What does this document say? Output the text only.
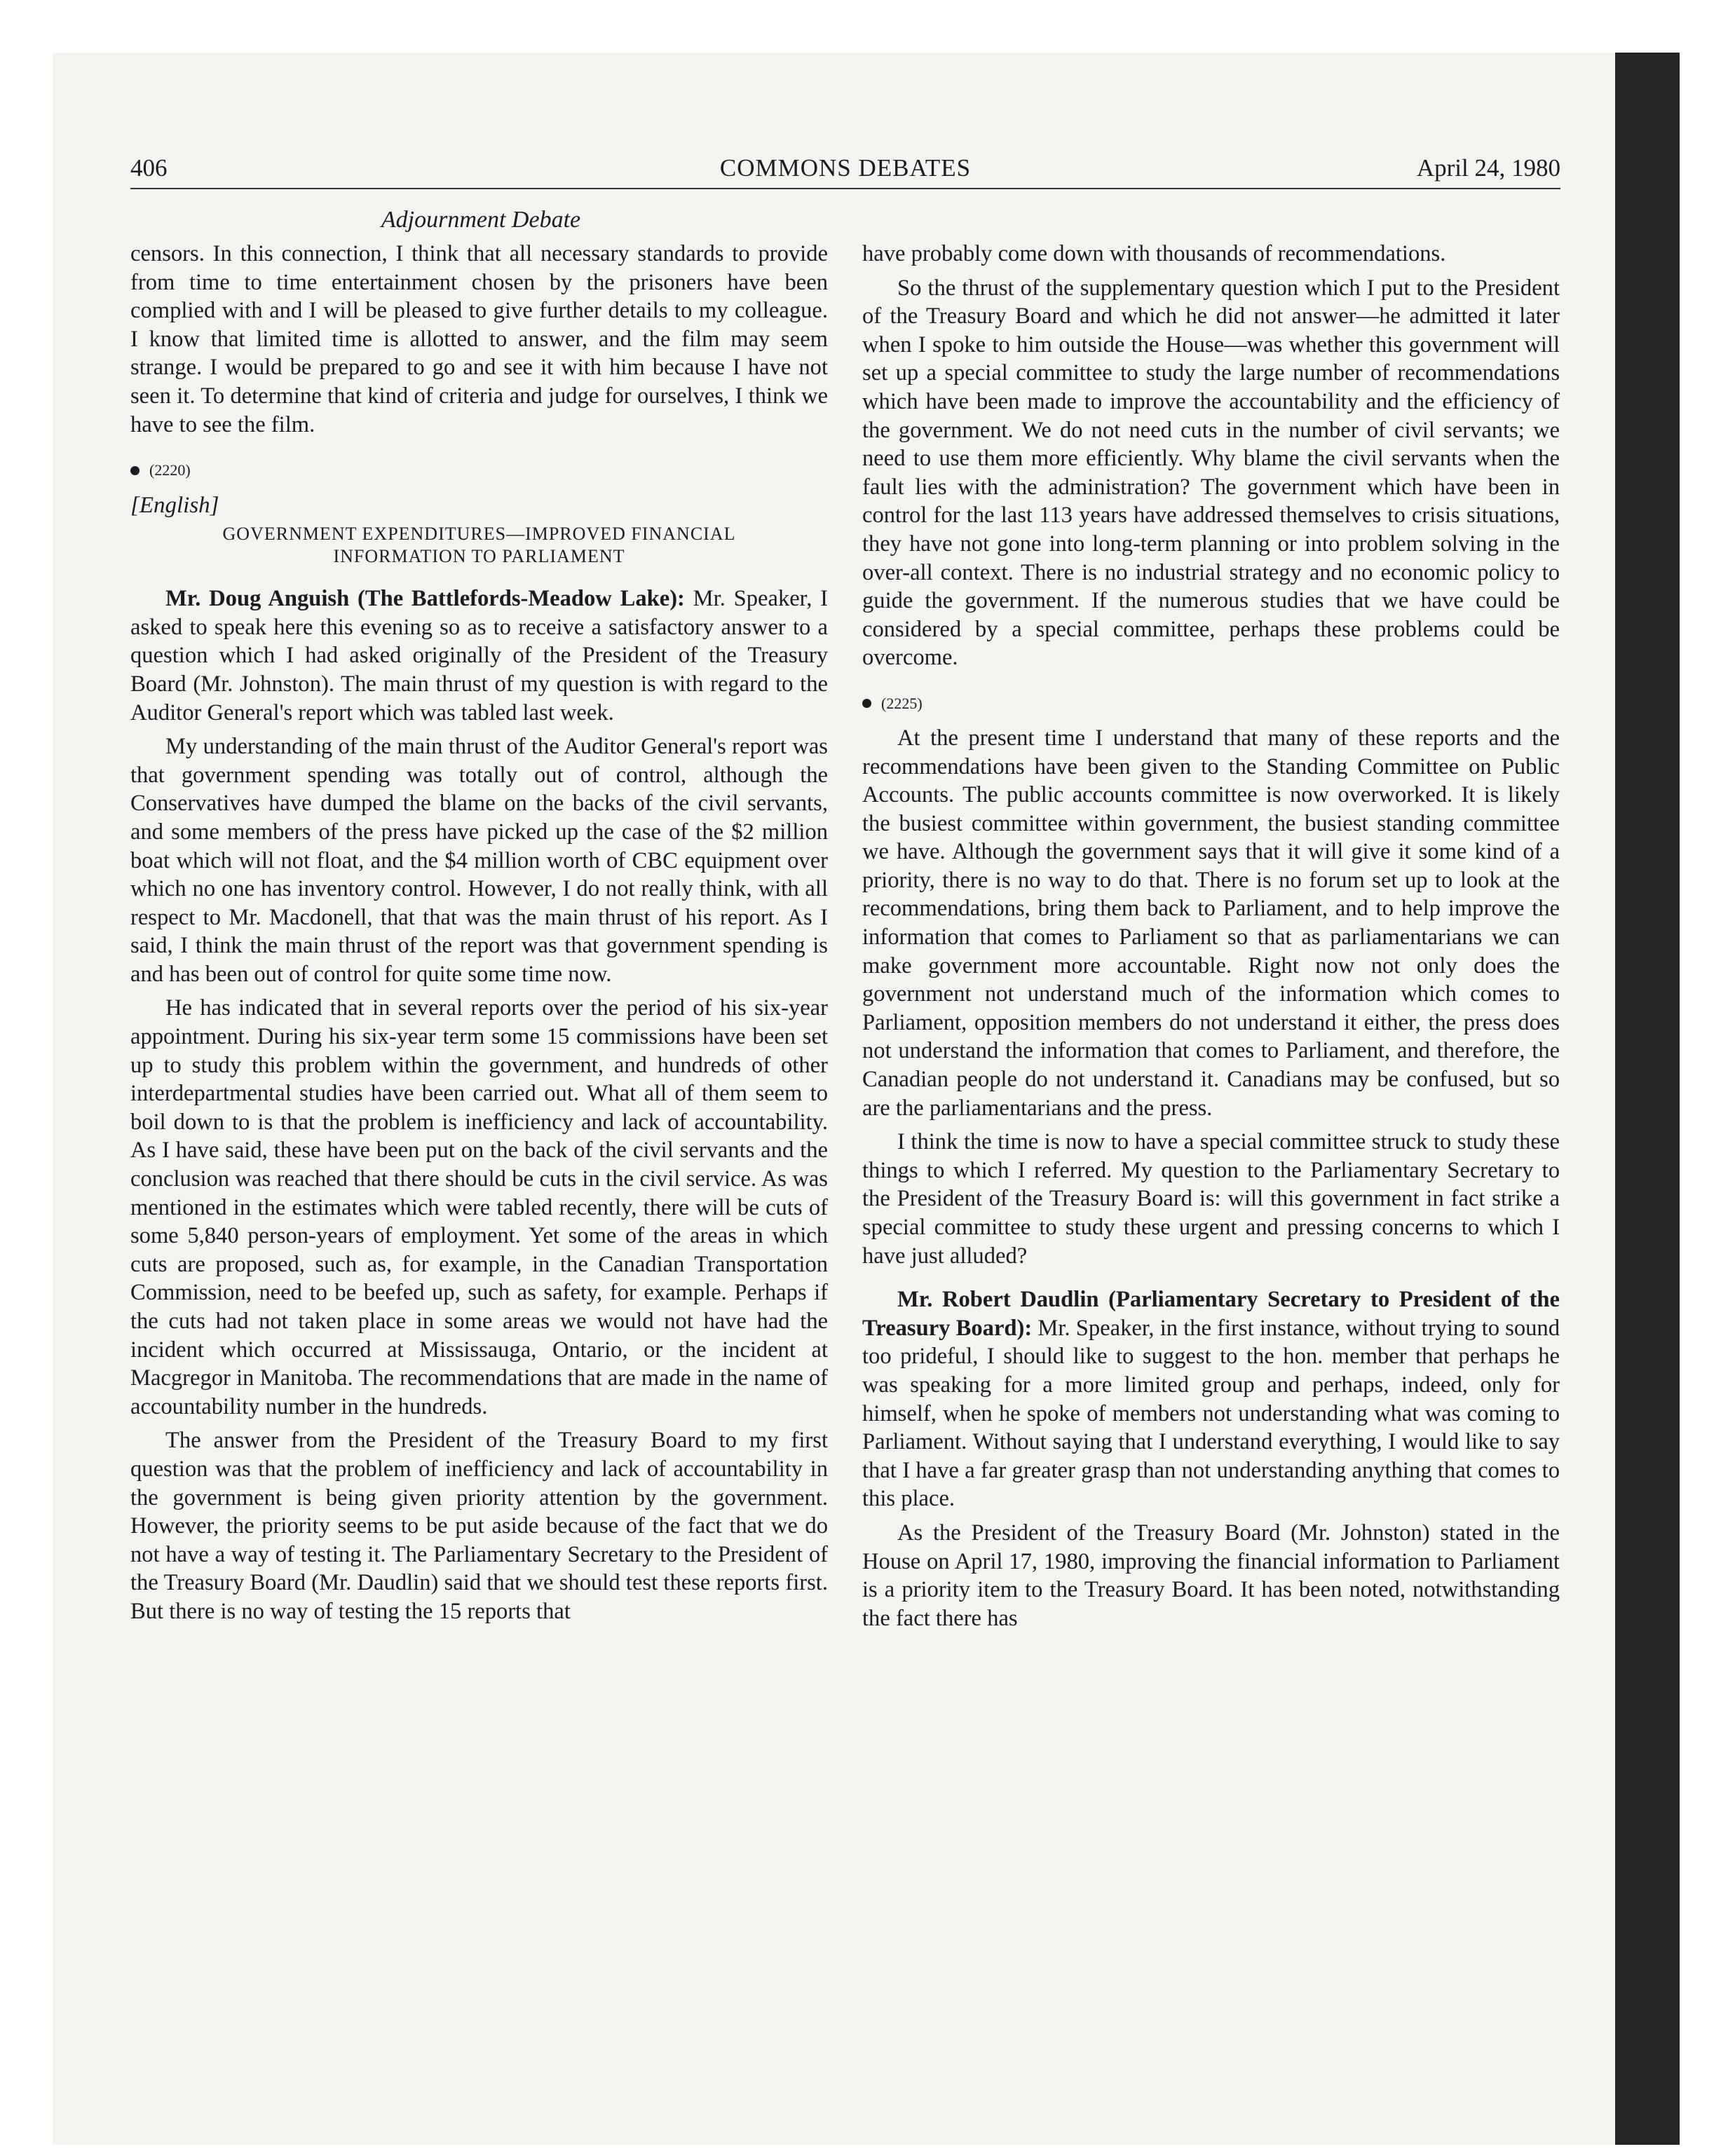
406	COMMONS DEBATES	April 24, 1980
Adjournment Debate

censors. In this connection, I think that all necessary standards to provide from time to time entertainment chosen by the prisoners have been complied with and I will be pleased to give further details to my colleague. I know that limited time is allotted to answer, and the film may seem strange. I would be prepared to go and see it with him because I have not seen it. To determine that kind of criteria and judge for ourselves, I think we have to see the film.

(2220)
[English]
GOVERNMENT EXPENDITURES—IMPROVED FINANCIAL
INFORMATION TO PARLIAMENT

Mr. Doug Anguish (The Battlefords-Meadow Lake): Mr. Speaker, I asked to speak here this evening so as to receive a satisfactory answer to a question which I had asked originally of the President of the Treasury Board (Mr. Johnston). The main thrust of my question is with regard to the Auditor General's report which was tabled last week.

My understanding of the main thrust of the Auditor General's report was that government spending was totally out of control, although the Conservatives have dumped the blame on the backs of the civil servants, and some members of the press have picked up the case of the $2 million boat which will not float, and the $4 million worth of CBC equipment over which no one has inventory control. However, I do not really think, with all respect to Mr. Macdonell, that that was the main thrust of his report. As I said, I think the main thrust of the report was that government spending is and has been out of control for quite some time now.

He has indicated that in several reports over the period of his six-year appointment. During his six-year term some 15 commissions have been set up to study this problem within the government, and hundreds of other interdepartmental studies have been carried out. What all of them seem to boil down to is that the problem is inefficiency and lack of accountability. As I have said, these have been put on the back of the civil servants and the conclusion was reached that there should be cuts in the civil service. As was mentioned in the estimates which were tabled recently, there will be cuts of some 5,840 person-years of employment. Yet some of the areas in which cuts are proposed, such as, for example, in the Canadian Transportation Commission, need to be beefed up, such as safety, for example. Perhaps if the cuts had not taken place in some areas we would not have had the incident which occurred at Mississauga, Ontario, or the incident at Macgregor in Manitoba. The recommendations that are made in the name of accountability number in the hundreds.

The answer from the President of the Treasury Board to my first question was that the problem of inefficiency and lack of accountability in the government is being given priority attention by the government. However, the priority seems to be put aside because of the fact that we do not have a way of testing it. The Parliamentary Secretary to the President of the Treasury Board (Mr. Daudlin) said that we should test these reports first. But there is no way of testing the 15 reports that

have probably come down with thousands of recommendations.

So the thrust of the supplementary question which I put to the President of the Treasury Board and which he did not answer—he admitted it later when I spoke to him outside the House—was whether this government will set up a special committee to study the large number of recommendations which have been made to improve the accountability and the efficiency of the government. We do not need cuts in the number of civil servants; we need to use them more efficiently. Why blame the civil servants when the fault lies with the administration? The government which have been in control for the last 113 years have addressed themselves to crisis situations, they have not gone into long-term planning or into problem solving in the over-all context. There is no industrial strategy and no economic policy to guide the government. If the numerous studies that we have could be considered by a special committee, perhaps these problems could be overcome.

(2225)

At the present time I understand that many of these reports and the recommendations have been given to the Standing Committee on Public Accounts. The public accounts committee is now overworked. It is likely the busiest committee within government, the busiest standing committee we have. Although the government says that it will give it some kind of a priority, there is no way to do that. There is no forum set up to look at the recommendations, bring them back to Parliament, and to help improve the information that comes to Parliament so that as parliamentarians we can make government more accountable. Right now not only does the government not understand much of the information which comes to Parliament, opposition members do not understand it either, the press does not understand the information that comes to Parliament, and therefore, the Canadian people do not understand it. Canadians may be confused, but so are the parliamentarians and the press.

I think the time is now to have a special committee struck to study these things to which I referred. My question to the Parliamentary Secretary to the President of the Treasury Board is: will this government in fact strike a special committee to study these urgent and pressing concerns to which I have just alluded?

Mr. Robert Daudlin (Parliamentary Secretary to President of the Treasury Board): Mr. Speaker, in the first instance, without trying to sound too prideful, I should like to suggest to the hon. member that perhaps he was speaking for a more limited group and perhaps, indeed, only for himself, when he spoke of members not understanding what was coming to Parliament. Without saying that I understand everything, I would like to say that I have a far greater grasp than not understanding anything that comes to this place.

As the President of the Treasury Board (Mr. Johnston) stated in the House on April 17, 1980, improving the financial information to Parliament is a priority item to the Treasury Board. It has been noted, notwithstanding the fact there has
